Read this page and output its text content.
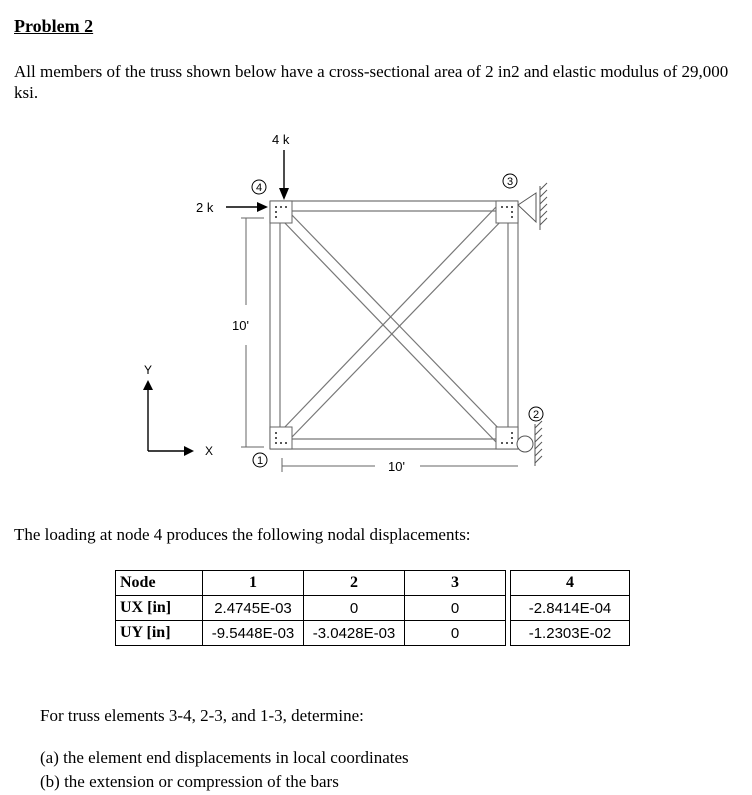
Problem 2
All members of the truss shown below have a cross-sectional area of 2 in2 and elastic modulus of 29,000 ksi.
4 k
2 k
4	3
2
1
10'
10'
Y
X
The loading at node 4 produces the following nodal displacements:
Node	1	2	3		4
UX [in]	2.4745E-03	0	0		-2.8414E-04
UY [in]	-9.5448E-03	-3.0428E-03	0		-1.2303E-02
For truss elements 3-4, 2-3, and 1-3, determine:
(a) the element end displacements in local coordinates
(b) the extension or compression of the bars
